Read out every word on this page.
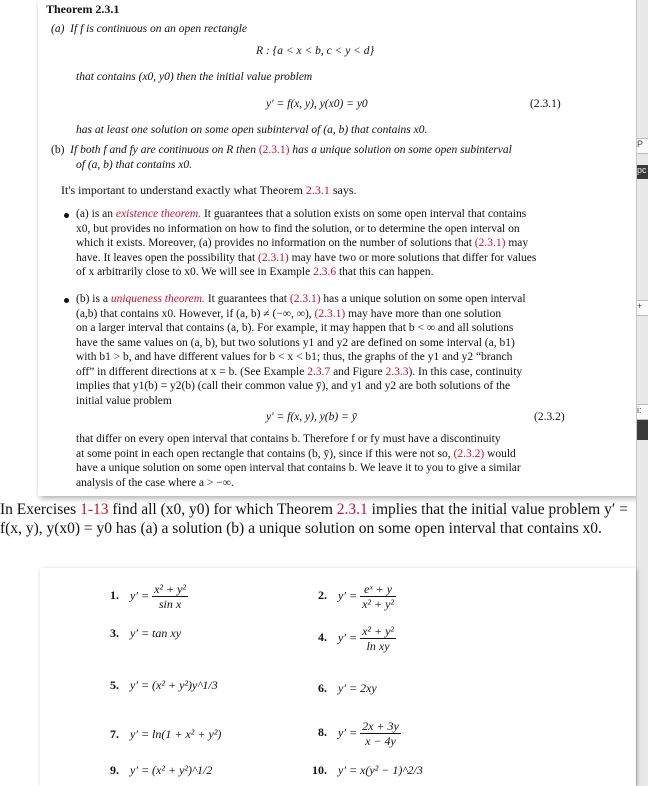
Theorem 2.3.1
(a) If f is continuous on an open rectangle
R : {a < x < b, c < y < d}
that contains (x0, y0) then the initial value problem
y′ = f(x, y), y(x0) = y0	(2.3.1)
has at least one solution on some open subinterval of (a, b) that contains x0.
(b) If both f and fy are continuous on R then (2.3.1) has a unique solution on some open subinterval
of (a, b) that contains x0.
It's important to understand exactly what Theorem 2.3.1 says.
(a) is an existence theorem. It guarantees that a solution exists on some open interval that contains
x0, but provides no information on how to find the solution, or to determine the open interval on
which it exists. Moreover, (a) provides no information on the number of solutions that (2.3.1) may
have. It leaves open the possibility that (2.3.1) may have two or more solutions that differ for values
of x arbitrarily close to x0. We will see in Example 2.3.6 that this can happen.
(b) is a uniqueness theorem. It guarantees that (2.3.1) has a unique solution on some open interval
(a,b) that contains x0. However, if (a, b) ≠ (−∞, ∞), (2.3.1) may have more than one solution
on a larger interval that contains (a, b). For example, it may happen that b < ∞ and all solutions
have the same values on (a, b), but two solutions y1 and y2 are defined on some interval (a, b1)
with b1 > b, and have different values for b < x < b1; thus, the graphs of the y1 and y2 “branch
off” in different directions at x = b. (See Example 2.3.7 and Figure 2.3.3). In this case, continuity
implies that y1(b) = y2(b) (call their common value ȳ), and y1 and y2 are both solutions of the
initial value problem
y′ = f(x, y), y(b) = ȳ	(2.3.2)
that differ on every open interval that contains b. Therefore f or fy must have a discontinuity
at some point in each open rectangle that contains (b, ȳ), since if this were not so, (2.3.2) would
have a unique solution on some open interval that contains b. We leave it to you to give a similar
analysis of the case where a > −∞.
P
pc
+
i:
In Exercises 1-13 find all (x0, y0) for which Theorem 2.3.1 implies that the initial value problem y′ =
f(x, y), y(x0) = y0 has (a) a solution (b) a unique solution on some open interval that contains x0.
1. $y' = \frac{\text{x² + y²}}{\text{sin x}}$	2. $y' = \frac{\text{eˣ + y}}{\text{x² + y²}}$
3. y′ = tan xy	4. $y' = \frac{\text{x² + y²}}{\text{ln xy}}$
5. y′ = (x² + y²)y^1/3	6. y′ = 2xy
7. y′ = ln(1 + x² + y²)	8. $y' = \frac{2x + 3y}{x - 4y}$
9. y′ = (x² + y²)^1/2	10. y′ = x(y² − 1)^2/3
